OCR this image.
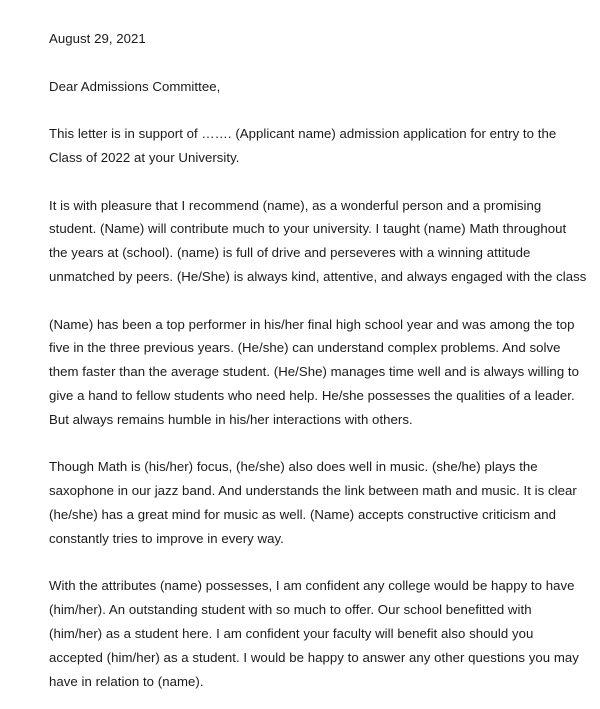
August 29, 2021

Dear Admissions Committee,

This letter is in support of ……. (Applicant name) admission application for entry to the
Class of 2022 at your University.

It is with pleasure that I recommend (name), as a wonderful person and a promising
student. (Name) will contribute much to your university. I taught (name) Math throughout
the years at (school). (name) is full of drive and perseveres with a winning attitude
unmatched by peers. (He/She) is always kind, attentive, and always engaged with the class

(Name) has been a top performer in his/her final high school year and was among the top
five in the three previous years. (He/she) can understand complex problems. And solve
them faster than the average student. (He/She) manages time well and is always willing to
give a hand to fellow students who need help. He/she possesses the qualities of a leader.
But always remains humble in his/her interactions with others.

Though Math is (his/her) focus, (he/she) also does well in music. (she/he) plays the
saxophone in our jazz band. And understands the link between math and music. It is clear
(he/she) has a great mind for music as well. (Name) accepts constructive criticism and
constantly tries to improve in every way.

With the attributes (name) possesses, I am confident any college would be happy to have
(him/her). An outstanding student with so much to offer. Our school benefitted with
(him/her) as a student here. I am confident your faculty will benefit also should you
accepted (him/her) as a student. I would be happy to answer any other questions you may
have in relation to (name).
